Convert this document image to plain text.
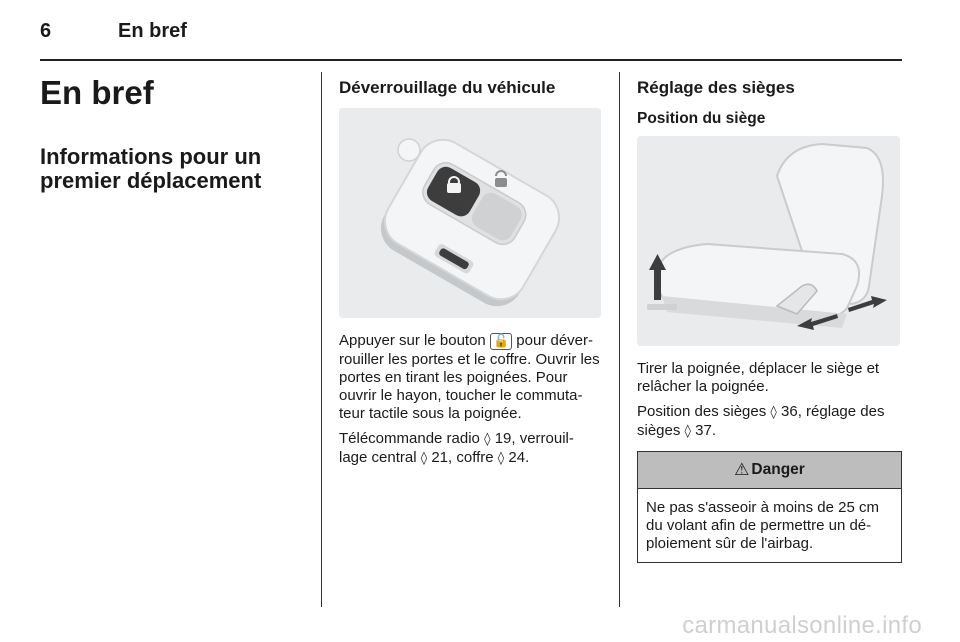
6	En bref
En bref
Informations pour un premier déplacement
Déverrouillage du véhicule

Appuyer sur le bouton 🔓 pour déver-rouiller les portes et le coffre. Ouvrir les portes en tirant les poignées. Pour ouvrir le hayon, toucher le commuta-teur tactile sous la poignée.

Télécommande radio ◊ 19, verrouil-lage central ◊ 21, coffre ◊ 24.

Réglage des sièges
Position du siège

Tirer la poignée, déplacer le siège et relâcher la poignée.

Position des sièges ◊ 36, réglage des sièges ◊ 37.

⚠ Danger
Ne pas s'asseoir à moins de 25 cm du volant afin de permettre un dé-ploiement sûr de l'airbag.
carmanualsonline.info
